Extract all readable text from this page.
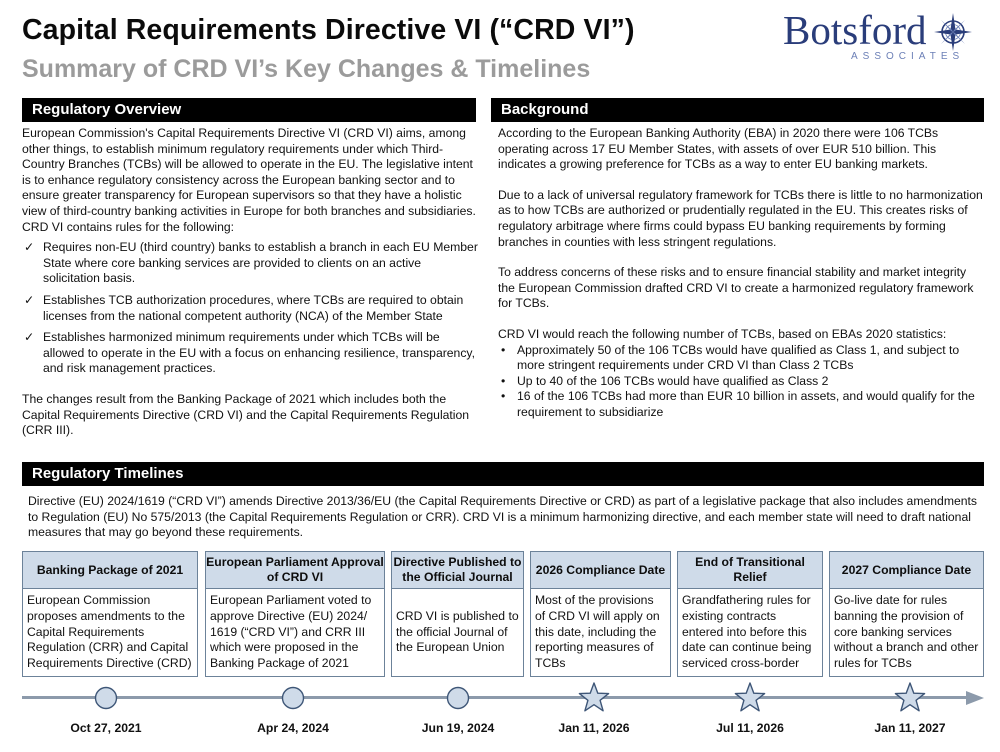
Capital Requirements Directive VI (“CRD VI”)
Summary of CRD VI’s Key Changes & Timelines
Botsford
ASSOCIATES
Regulatory Overview

European Commission's Capital Requirements Directive VI (CRD VI) aims, among other things, to establish minimum regulatory requirements under which Third-Country Branches (TCBs) will be allowed to operate in the EU. The legislative intent is to enhance regulatory consistency across the European banking sector and to ensure greater transparency for European supervisors so that they have a holistic view of third-country banking activities in Europe for both branches and subsidiaries. CRD VI contains rules for the following:

✓ Requires non-EU (third country) banks to establish a branch in each EU Member State where core banking services are provided to clients on an active solicitation basis.
✓ Establishes TCB authorization procedures, where TCBs are required to obtain licenses from the national competent authority (NCA) of the Member State
✓ Establishes harmonized minimum requirements under which TCBs will be allowed to operate in the EU with a focus on enhancing resilience, transparency, and risk management practices.

The changes result from the Banking Package of 2021 which includes both the Capital Requirements Directive (CRD VI) and the Capital Requirements Regulation (CRR III).

Background

According to the European Banking Authority (EBA) in 2020 there were 106 TCBs operating across 17 EU Member States, with assets of over EUR 510 billion. This indicates a growing preference for TCBs as a way to enter EU banking markets.

Due to a lack of universal regulatory framework for TCBs there is little to no harmonization as to how TCBs are authorized or prudentially regulated in the EU. This creates risks of regulatory arbitrage where firms could bypass EU banking requirements by forming branches in counties with less stringent regulations.

To address concerns of these risks and to ensure financial stability and market integrity the European Commission drafted CRD VI to create a harmonized regulatory framework for TCBs.

CRD VI would reach the following number of TCBs, based on EBAs 2020 statistics:

• Approximately 50 of the 106 TCBs would have qualified as Class 1, and subject to more stringent requirements under CRD VI than Class 2 TCBs
• Up to 40 of the 106 TCBs would have qualified as Class 2
• 16 of the 106 TCBs had more than EUR 10 billion in assets, and would qualify for the requirement to subsidiarize
Regulatory Timelines
Directive (EU) 2024/1619 (“CRD VI”) amends Directive 2013/36/EU (the Capital Requirements Directive or CRD) as part of a legislative package that also includes amendments to Regulation (EU) No 575/2013 (the Capital Requirements Regulation or CRR). CRD VI is a minimum harmonizing directive, and each member state will need to draft national measures that may go beyond these requirements.
Banking Package of 2021
European Commission proposes amendments to the Capital Requirements Regulation (CRR) and Capital Requirements Directive (CRD)
European Parliament Approval of CRD VI
European Parliament voted to approve Directive (EU) 2024/ 1619 (“CRD VI”) and CRR III which were proposed in the Banking Package of 2021
Directive Published to the Official Journal
CRD VI is published to the official Journal of the European Union
2026 Compliance Date
Most of the provisions of CRD VI will apply on this date, including the reporting measures of TCBs
End of Transitional Relief
Grandfathering rules for existing contracts entered into before this date can continue being serviced cross-border
2027 Compliance Date
Go-live date for rules banning the provision of core banking services without a branch and other rules for TCBs
Oct 27, 2021	Apr 24, 2024	Jun 19, 2024	Jan 11, 2026	Jul 11, 2026	Jan 11, 2027
